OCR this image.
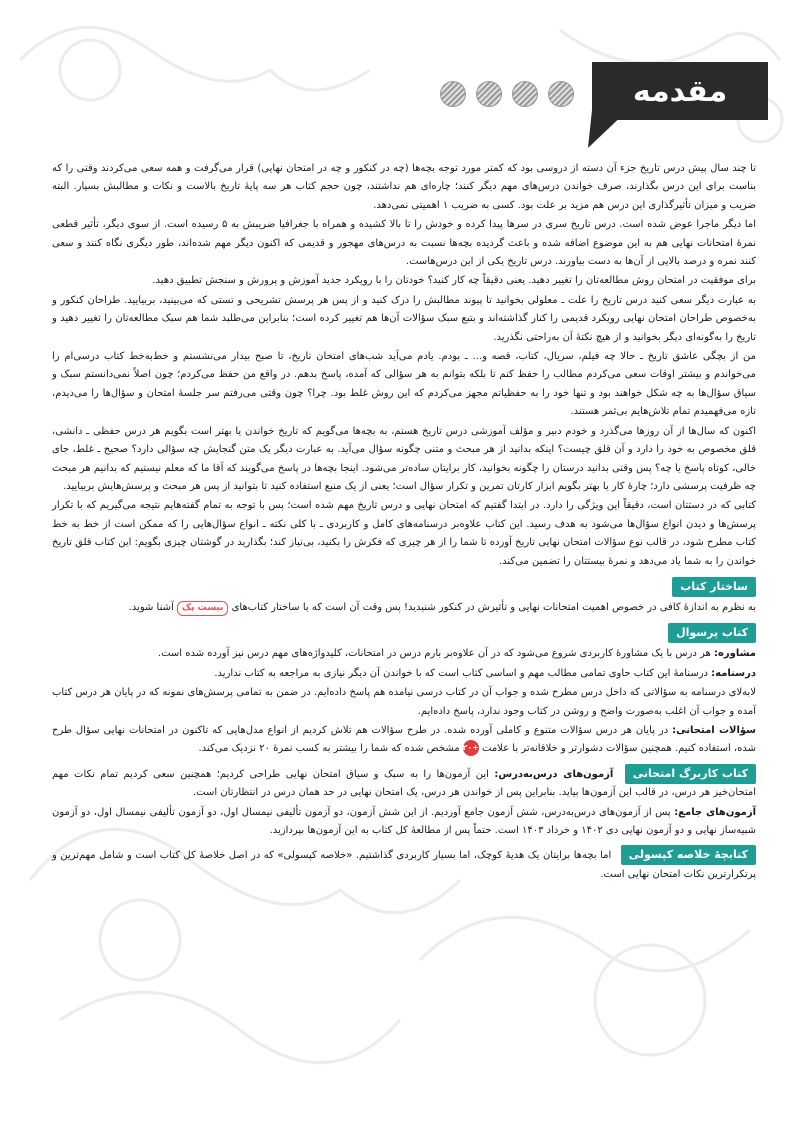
مقدمه

تا چند سال پیش درس تاریخ جزء آن دسته از دروسی بود که کمتر مورد توجه بچه‌ها (چه در کنکور و چه در امتحان نهایی) قرار می‌گرفت و همه سعی می‌کردند وقتی را که بناست برای این درس بگذارند، صرف خواندن درس‌های مهم دیگر کنند؛ چاره‌ای هم نداشتند، چون حجم کتاب هر سه پایهٔ تاریخ بالاست و نکات و مطالبش بسیار. البته ضریب و میزان تأثیرگذاری این درس هم مزید بر علت بود. کسی به ضریب ۱ اهمیتی نمی‌دهد.

اما دیگر ماجرا عوض شده است. درس تاریخ سری در سرها پیدا کرده و خودش را تا بالا کشیده و همراه با جغرافیا ضریبش به ۵ رسیده است. از سوی دیگر، تأثیر قطعی نمرهٔ امتحانات نهایی هم به این موضوع اضافه شده و باعث گردیده بچه‌ها نسبت به درس‌های مهجور و قدیمی که اکنون دیگر مهم شده‌اند، طور دیگری نگاه کنند و سعی کنند نمره و درصد بالایی از آن‌ها به دست بیاورند. درس تاریخ یکی از این درس‌هاست.

برای موفقیت در امتحان روش مطالعه‌تان را تغییر دهید. یعنی دقیقاً چه کار کنید؟ خودتان را با رویکرد جدید آموزش و پرورش و سنجش تطبیق دهید.

به عبارت دیگر سعی کنید درس تاریخ را علت ـ معلولی بخوانید تا پیوند مطالبش را درک کنید و از پس هر پرسش تشریحی و تستی که می‌بینید، بربیایید. طراحان کنکور و به‌خصوص طراحان امتحان نهایی رویکرد قدیمی را کنار گذاشته‌اند و بتبع سبک سؤالات آن‌ها هم تغییر کرده است؛ بنابراین می‌طلبد شما هم سبک مطالعه‌تان را تغییر دهید و تاریخ را به‌گونه‌ای دیگر بخوانید و از هیچ نکتهٔ آن به‌راحتی نگذرید.

من از بچگی عاشق تاریخ ـ حالا چه فیلم، سریال، کتاب، قصه و... ـ بودم. یادم می‌آید شب‌های امتحان تاریخ، تا صبح بیدار می‌نشستم و خط‌به‌خط کتاب درسی‌ام را می‌خواندم و بیشتر اوقات سعی می‌کردم مطالب را حفظ کنم تا بلکه بتوانم به هر سؤالی که آمده، پاسخ بدهم. در واقع من حفظ می‌کردم؛ چون اصلاً نمی‌دانستم سبک و سیاق سؤال‌ها به چه شکل خواهند بود و تنها خود را به حفظیاتم مجهز می‌کردم که این روش غلط بود. چرا؟ چون وقتی می‌رفتم سر جلسهٔ امتحان و سؤال‌ها را می‌دیدم، تازه می‌فهمیدم تمام تلاش‌هایم بی‌ثمر هستند.

اکنون که سال‌ها از آن روزها می‌گذرد و خودم دبیر و مؤلف آموزشی درس تاریخ هستم، به بچه‌ها می‌گویم که تاریخ خواندن یا بهتر است بگویم هر درس حفظی ـ دانشی، قلق مخصوص به خود را دارد و آن قلق چیست؟ اینکه بدانید از هر مبحث و متنی چگونه سؤال می‌آید. به عبارت دیگر یک متن گنجایش چه سؤالی دارد؟ صحیح ـ غلط، جای خالی، کوتاه پاسخ یا چه؟ پس وقتی بدانید درستان را چگونه بخوانید، کار برایتان ساده‌تر می‌شود. اینجا بچه‌ها در پاسخ می‌گویند که آقا ما که معلم نیستیم که بدانیم هر مبحث چه ظرفیت پرسشی دارد؛ چارهٔ کار یا بهتر بگویم ابزار کارتان تمرین و تکرار سؤال است؛ یعنی از یک منبع استفاده کنید تا بتوانید از پس هر مبحث و پرسش‌هایش بربیایید.

کتابی که در دستتان است، دقیقاً این ویژگی را دارد. در ابتدا گفتیم که امتحان نهایی و درس تاریخ مهم شده است؛ پس با توجه به تمام گفته‌هایم نتیجه می‌گیریم که با تکرار پرسش‌ها و دیدن انواع سؤال‌ها می‌شود به هدف رسید. این کتاب علاوه‌بر درسنامه‌های کامل و کاربردی ـ با کلی نکته ـ انواع سؤال‌هایی را که ممکن است از خط به خط کتاب مطرح شود، در قالب نوع سؤالات امتحان نهایی تاریخ آورده تا شما را از هر چیزی که فکرش را بکنید، بی‌نیاز کند؛ بگذارید در گوشتان چیزی بگویم: این کتاب قلق تاریخ خواندن را به شما یاد می‌دهد و نمرهٔ بیستتان را تضمین می‌کند.

ساختار کتاب

به نظرم به اندازهٔ کافی در خصوص اهمیت امتحانات نهایی و تأثیرش در کنکور شنیدید! پس وقت آن است که با ساختار کتاب‌های بیست پک آشنا شوید.

کتاب پرسوال

مشاوره: هر درس با یک مشاورهٔ کاربردی شروع می‌شود که در آن علاوه‌بر بارم درس در امتحانات، کلیدواژه‌های مهم درس نیز آورده شده است.

درسنامه: درسنامهٔ این کتاب حاوی تمامی مطالب مهم و اساسی کتاب است که با خواندن آن دیگر نیازی به مراجعه به کتاب ندارید.

لابه‌لای درسنامه به سؤالاتی که داخل درس مطرح شده و جواب آن در کتاب درسی نیامده هم پاسخ داده‌ایم. در ضمن به تمامی پرسش‌های نمونه که در پایان هر درس کتاب آمده و جواب آن اغلب به‌صورت واضح و روشن در کتاب وجود ندارد، پاسخ داده‌ایم.

سؤالات امتحانی: در پایان هر درس سؤالات متنوع و کاملی آورده شده. در طرح سؤالات هم تلاش کردیم از انواع مدل‌هایی که تاکنون در امتحانات نهایی سؤال طرح شده، استفاده کنیم. همچنین سؤالات دشوارتر و خلاقانه‌تر با علامت +۲۰ مشخص شده که شما را بیشتر به کسب نمرهٔ ۲۰ نزدیک می‌کند.

کتاب کاربرگ امتحانی آزمون‌های درس‌به‌درس: این آزمون‌ها را به سبک و سیاق امتحان نهایی طراحی کردیم؛ همچنین سعی کردیم تمام نکات مهم امتحان‌خیز هر درس، در قالب این آزمون‌ها بیاید. بنابراین پس از خواندن هر درس، یک امتحان نهایی در حد همان درس در انتظارتان است.

آزمون‌های جامع: پس از آزمون‌های درس‌به‌درس، شش آزمون جامع آوردیم. از این شش آزمون، دو آزمون تألیفی نیمسال اول، دو آزمون تألیفی نیمسال اول، دو آزمون شبیه‌ساز نهایی و دو آزمون نهایی دی ۱۴۰۲ و خرداد ۱۴۰۳ است. حتماً پس از مطالعهٔ کل کتاب به این آزمون‌ها بپردازید.

کتابچهٔ خلاصه کپسولی اما بچه‌ها برایتان یک هدیهٔ کوچک، اما بسیار کاربردی گذاشتیم. «خلاصه کپسولی» که در اصل خلاصهٔ کل کتاب است و شامل مهم‌ترین و پرتکرارترین نکات امتحان نهایی است.
